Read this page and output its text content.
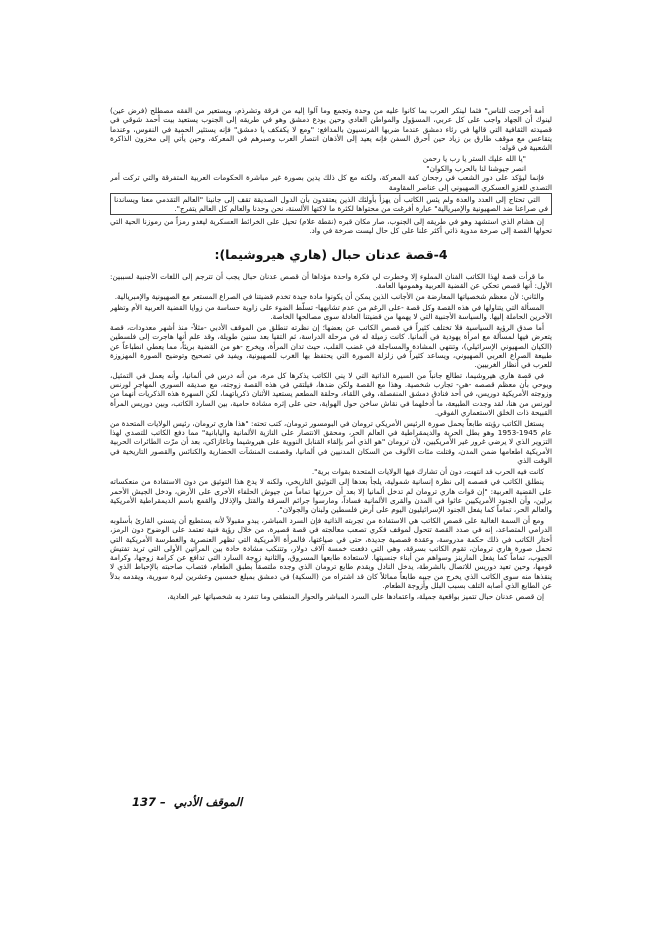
أمة أخرجت للناس" فثما لينكر العرب بما كانوا عليه من وحدة وتجمع وما آلوا إليه من فرقة وتشرذم، ويستعير من الفقه مصطلح (فرض عين) لينوك أن الجهاد واجب على كل عربي، المسؤول والمواطن العادي وحين يودع دمشق وهو في طريقه إلى الجنوب يستعيد بيت أحمد شوقي في قصيدته الثقافية التي قالها في رثاء دمشق عندما ضربها الفرنسيون بالمدافع: "ومع لا يكفكف يا دمشق" فإنه يستثير الحمية في النفوس، وعندما يتقاعس مع موقف طارق بن زياد حين أحرق السفن فإنه يعيد إلى الأذهان انتصار العرب وصبرهم في المعركة، وحين يأتي إلى مخزون الذاكرة الشعبية في قوله:

"يا الله عليك الستر يا رب يا رحمن

انصر جيوشنا لنا بالحرب والكوان"

فإنما ليؤكد على دور الشعب في رجحان كفة المعركة، ولكنه مع كل ذلك يدين بصورة غير مباشرة الحكومات العربية المتفرقة والتي تركت أمر التصدي للغزو العسكري الصهيوني إلى عناصر المقاومة

التي تحتاج إلى العدد والعدة ولم يئس الكاتب أن يهزأ بأولئك الذين يعتقدون بأن الدول الصديقة تقف إلى جانبنا "العالم التقدمي معنا ويساندنا في صراعنا ضد الصهيونية والإمبريالية" عبارة أفرغت من محتواها لكثرة ما لاكتها الألسنة، نحن وحدنا والعالم كل العالم يتفرج".

إن هشام الذي استشهد وهو في طريقه إلى الجنوب، صار مكان قبره (نقطة علام) تحيل على الخرائط العسكرية ليغدو رمزاً من رموزنا الحية التي تحولها القصة إلى صرخة مدوية ذاتي أكثر علنا على كل حال ليست صرخة في واد.

4-قصة عدنان حبال (هاري هيروشيما):

ما قرأت قصة لهذا الكاتب الفنان المملوء إلا وخطرت لي فكرة واحدة مؤداها أن قصص عدنان حبال يجب أن تترجم إلى اللغات الأجنبية لسببين: الأول: أنها قصص تحكي عن القضية العربية وهمومها العامة.

والثاني: لأن معظم شخصياتها المعارضة من الأجانب الذين يمكن أن يكونوا مادة جيدة تخدم قضيتنا في الصراع المستعر مع الصهيونية والإمبريالية.

المسألة التي يتناولها في هذه القصة وكل قصة -على الرغم من عدم تشابهها- تسلّط الضوء على زاوية حساسة من زوايا القضية العربية الأم وتظهر الآخرين الحاملة إليها. والسياسة الأجنبية التي لا يهمها من قضيتنا العادلة سوى مصالحها الخاصة.

أما صدق الرؤية السياسية فلا تختلف كثيراً في قصص الكاتب عن بعضها؛ إن نظرته تنطلق من الموقف الأدبي -مثلاً- منذ أشهر معدودات، قصة يتعرض فيها لمسألة مع امرأة يهودية في ألمانيا. كانت زميلة له في مرحلة الدراسة، ثم التقيا بعد سنين طويلة، وقد علم أنها هاجرت إلى فلسطين (الكيان الصهيوني الإسرائيلي)، وتنتهي المشادة والمساجلة في غضب القلب، حيث تدان المرأة، ويخرج -هو من القضية بريئاً، مما يعطي انطباعاً عن طبيعة الصراع العربي الصهيوني، ويساعد كثيراً في زلزلة الصورة التي يحتفظ بها الغرب للصهيونية، ويفيد في تصحيح وتوضيح الصورة المهزوزة للعرب في أنظار الغربيين.

في قصة هاري هيروشيما، تطالع جانباً من السيرة الذاتية التي لا يني الكاتب يذكرها كل مرة، من أنه درس في ألمانيا، وأنه يعمل في التمثيل، ويوحي بأن معظم قصصه -هي- تجارب شخصية. وهذا مع القصة ولكن ضدها، فيلتقي في هذه القصة زوجته، مع صديقه السوري المهاجر لورنس وزوجته الأمريكية دوريس، في أحد فنادق دمشق المنفصلة، وفي اللقاء، وحلقة المطعم يستعيد الأثنان ذكرياتهما، لكن السهرة هذه الذكريات أنهما من لورنس من هنا، لقد وجدت الطبيعة، ما أدخلهما في نقاش ساخن حول الهواية، حتى على إثره مشادة حامية، بين السارد الكاتب، وبين دوريس المرأة القبيحة ذات الخلق الاستعماري الفوقي.

يستغل الكاتب رؤيته طابعاً يحمل صورة الرئيس الأمريكي ترومان في البومسور ترومان، كتب تحته: "هذا هاري ترومان، رئيس الولايات المتحدة من عام 1945-1953 وهو بطل الحرية والديمقراطية في العالم الحر، ومحقق الانتصار على النازية الألمانية واليابانية" مما دفع الكاتب للتصدي لهذا التزوير الذي لا يرضي غرور غير الأمريكيين، لأن ترومان "هو الذي أمر بإلقاء القنابل النووية على هيروشيما وناغازاكي، بعد أن مرّت الطائرات الحربية الأمريكية اطعامها ضمن المدن، وقتلت مئات الألوف من السكان المدنيين في ألمانيا، وقصفت المنشآت الحضارية والكنائس والقصور التاريخية في الوقت الذي

كانت فيه الحرب قد انتهت، دون أن تشارك فيها الولايات المتحدة بقوات برية".

ينطلق الكاتب في قصصه إلى نظرة إنسانية شمولية، يلجأ بعدها إلى التوثيق التاريخي، ولكنه لا يدع هذا التوثيق من دون الاستفادة من منعكساته على القضية العربية: "إن قوات هاري ترومان لم تدخل ألمانيا إلا بعد أن حررتها تماماً من جيوش الحلفاء الأخرى على الأرض، ودخل الجيش الأحمر برلين، وأن الجنود الأمريكيين عاثوا في المدن والقرى الألمانية فساداً، ومارسوا جرائم السرقة والقتل والإذلال والقمع باسم الديمقراطية الأمريكية والعالم الحر، تماماً كما يفعل الجنود الإسرائيليون اليوم على أرض فلسطين ولبنان والجولان".

ومع أن السمة الغالبة على قصص الكاتب هي الاستفادة من تجربته الذاتية فإن السرد المباشر، يبدو مقبولاً لأنه يستطيع أن يتسني القارئ بأسلوبه الدرامي المتصاعد، إنه في صدد القصة تتحول لموقف فكري تصعب معالجته في قصة قصيرة، من خلال رؤية فنية تعتمد على الوضوح دون الرمز، أختار الكاتب في ذلك حكمة مدروسة، وعقدة قصصية جديدة، حتى في صياغتها، فالمرأة الأمريكية التي تظهر العنصرية والغطرسة الأمريكية التي تحمل صورة هاري ترومان، تقوم الكاتب بسرقة، وهي التي دفعت خمسة آلاف دولار، وتتنكب مشادة حادة بين المرأتين الأولى التي تريد تفتيش الجيوب، تماماً كما يفعل المارينز وسواهم من أبناء جنسيتها. لاستعادة طابعها المسروق، والثانية زوجة السارد التي تدافع عن كرامة زوجها، وكرامة قومها، وحين تعيد دوريس للاتصال بالشرطة، يدخل النادل ويقدم طابع ترومان الذي وجده ملتصقاً بطبق الطعام، فتصاب صاحبته بالإحباط الذي لا ينقذها منه سوى الكاتب الذي يخرج من جيبه طابعاً مماثلاً كان قد اشتراه من (السكية) في دمشق بمبلغ خمسين وعشرين ليرة سورية، ويقدمه بدلاً عن الطابع الذي أصابه التلف بسبب البلل وأزوجة الطعام.

إن قصص عدنان حبال تتميز بواقعية جميلة، واعتمادها على السرد المباشر والحوار المنطقي وما تنفرد به شخصياتها غير العادية،

الموقف الأدبي – 137
